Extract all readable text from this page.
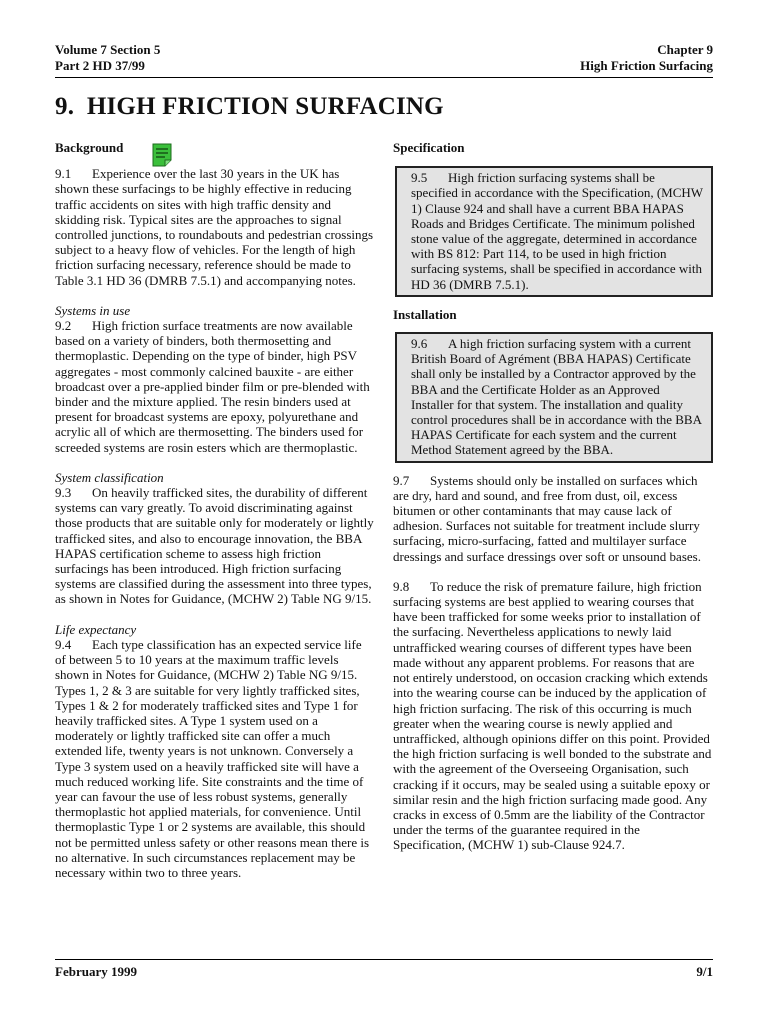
Volume 7 Section 5
Part 2 HD 37/99
Chapter 9
High Friction Surfacing
9. HIGH FRICTION SURFACING

Background

9.1 Experience over the last 30 years in the UK has shown these surfacings to be highly effective in reducing traffic accidents on sites with high traffic density and skidding risk. Typical sites are the approaches to signal controlled junctions, to roundabouts and pedestrian crossings subject to a heavy flow of vehicles. For the length of high friction surfacing necessary, reference should be made to Table 3.1 HD 36 (DMRB 7.5.1) and accompanying notes.

Systems in use

9.2 High friction surface treatments are now available based on a variety of binders, both thermosetting and thermoplastic. Depending on the type of binder, high PSV aggregates - most commonly calcined bauxite - are either broadcast over a pre-applied binder film or pre-blended with binder and the mixture applied. The resin binders used at present for broadcast systems are epoxy, polyurethane and acrylic all of which are thermosetting. The binders used for screeded systems are rosin esters which are thermoplastic.

System classification

9.3 On heavily trafficked sites, the durability of different systems can vary greatly. To avoid discriminating against those products that are suitable only for moderately or lightly trafficked sites, and also to encourage innovation, the BBA HAPAS certification scheme to assess high friction surfacings has been introduced. High friction surfacing systems are classified during the assessment into three types, as shown in Notes for Guidance, (MCHW 2) Table NG 9/15.

Life expectancy

9.4 Each type classification has an expected service life of between 5 to 10 years at the maximum traffic levels shown in Notes for Guidance, (MCHW 2) Table NG 9/15. Types 1, 2 & 3 are suitable for very lightly trafficked sites, Types 1 & 2 for moderately trafficked sites and Type 1 for heavily trafficked sites. A Type 1 system used on a moderately or lightly trafficked site can offer a much extended life, twenty years is not unknown. Conversely a Type 3 system used on a heavily trafficked site will have a much reduced working life. Site constraints and the time of year can favour the use of less robust systems, generally thermoplastic hot applied materials, for convenience. Until thermoplastic Type 1 or 2 systems are available, this should not be permitted unless safety or other reasons mean there is no alternative. In such circumstances replacement may be necessary within two to three years.

Specification

9.5 High friction surfacing systems shall be specified in accordance with the Specification, (MCHW 1) Clause 924 and shall have a current BBA HAPAS Roads and Bridges Certificate. The minimum polished stone value of the aggregate, determined in accordance with BS 812: Part 114, to be used in high friction surfacing systems, shall be specified in accordance with HD 36 (DMRB 7.5.1).

Installation

9.6 A high friction surfacing system with a current British Board of Agrément (BBA HAPAS) Certificate shall only be installed by a Contractor approved by the BBA and the Certificate Holder as an Approved Installer for that system. The installation and quality control procedures shall be in accordance with the BBA HAPAS Certificate for each system and the current Method Statement agreed by the BBA.

9.7 Systems should only be installed on surfaces which are dry, hard and sound, and free from dust, oil, excess bitumen or other contaminants that may cause lack of adhesion. Surfaces not suitable for treatment include slurry surfacing, micro-surfacing, fatted and multilayer surface dressings and surface dressings over soft or unsound bases.

9.8 To reduce the risk of premature failure, high friction surfacing systems are best applied to wearing courses that have been trafficked for some weeks prior to installation of the surfacing. Nevertheless applications to newly laid untrafficked wearing courses of different types have been made without any apparent problems. For reasons that are not entirely understood, on occasion cracking which extends into the wearing course can be induced by the application of high friction surfacing. The risk of this occurring is much greater when the wearing course is newly applied and untrafficked, although opinions differ on this point. Provided the high friction surfacing is well bonded to the substrate and with the agreement of the Overseeing Organisation, such cracking if it occurs, may be sealed using a suitable epoxy or similar resin and the high friction surfacing made good. Any cracks in excess of 0.5mm are the liability of the Contractor under the terms of the guarantee required in the Specification, (MCHW 1) sub-Clause 924.7.

February 1999	9/1
